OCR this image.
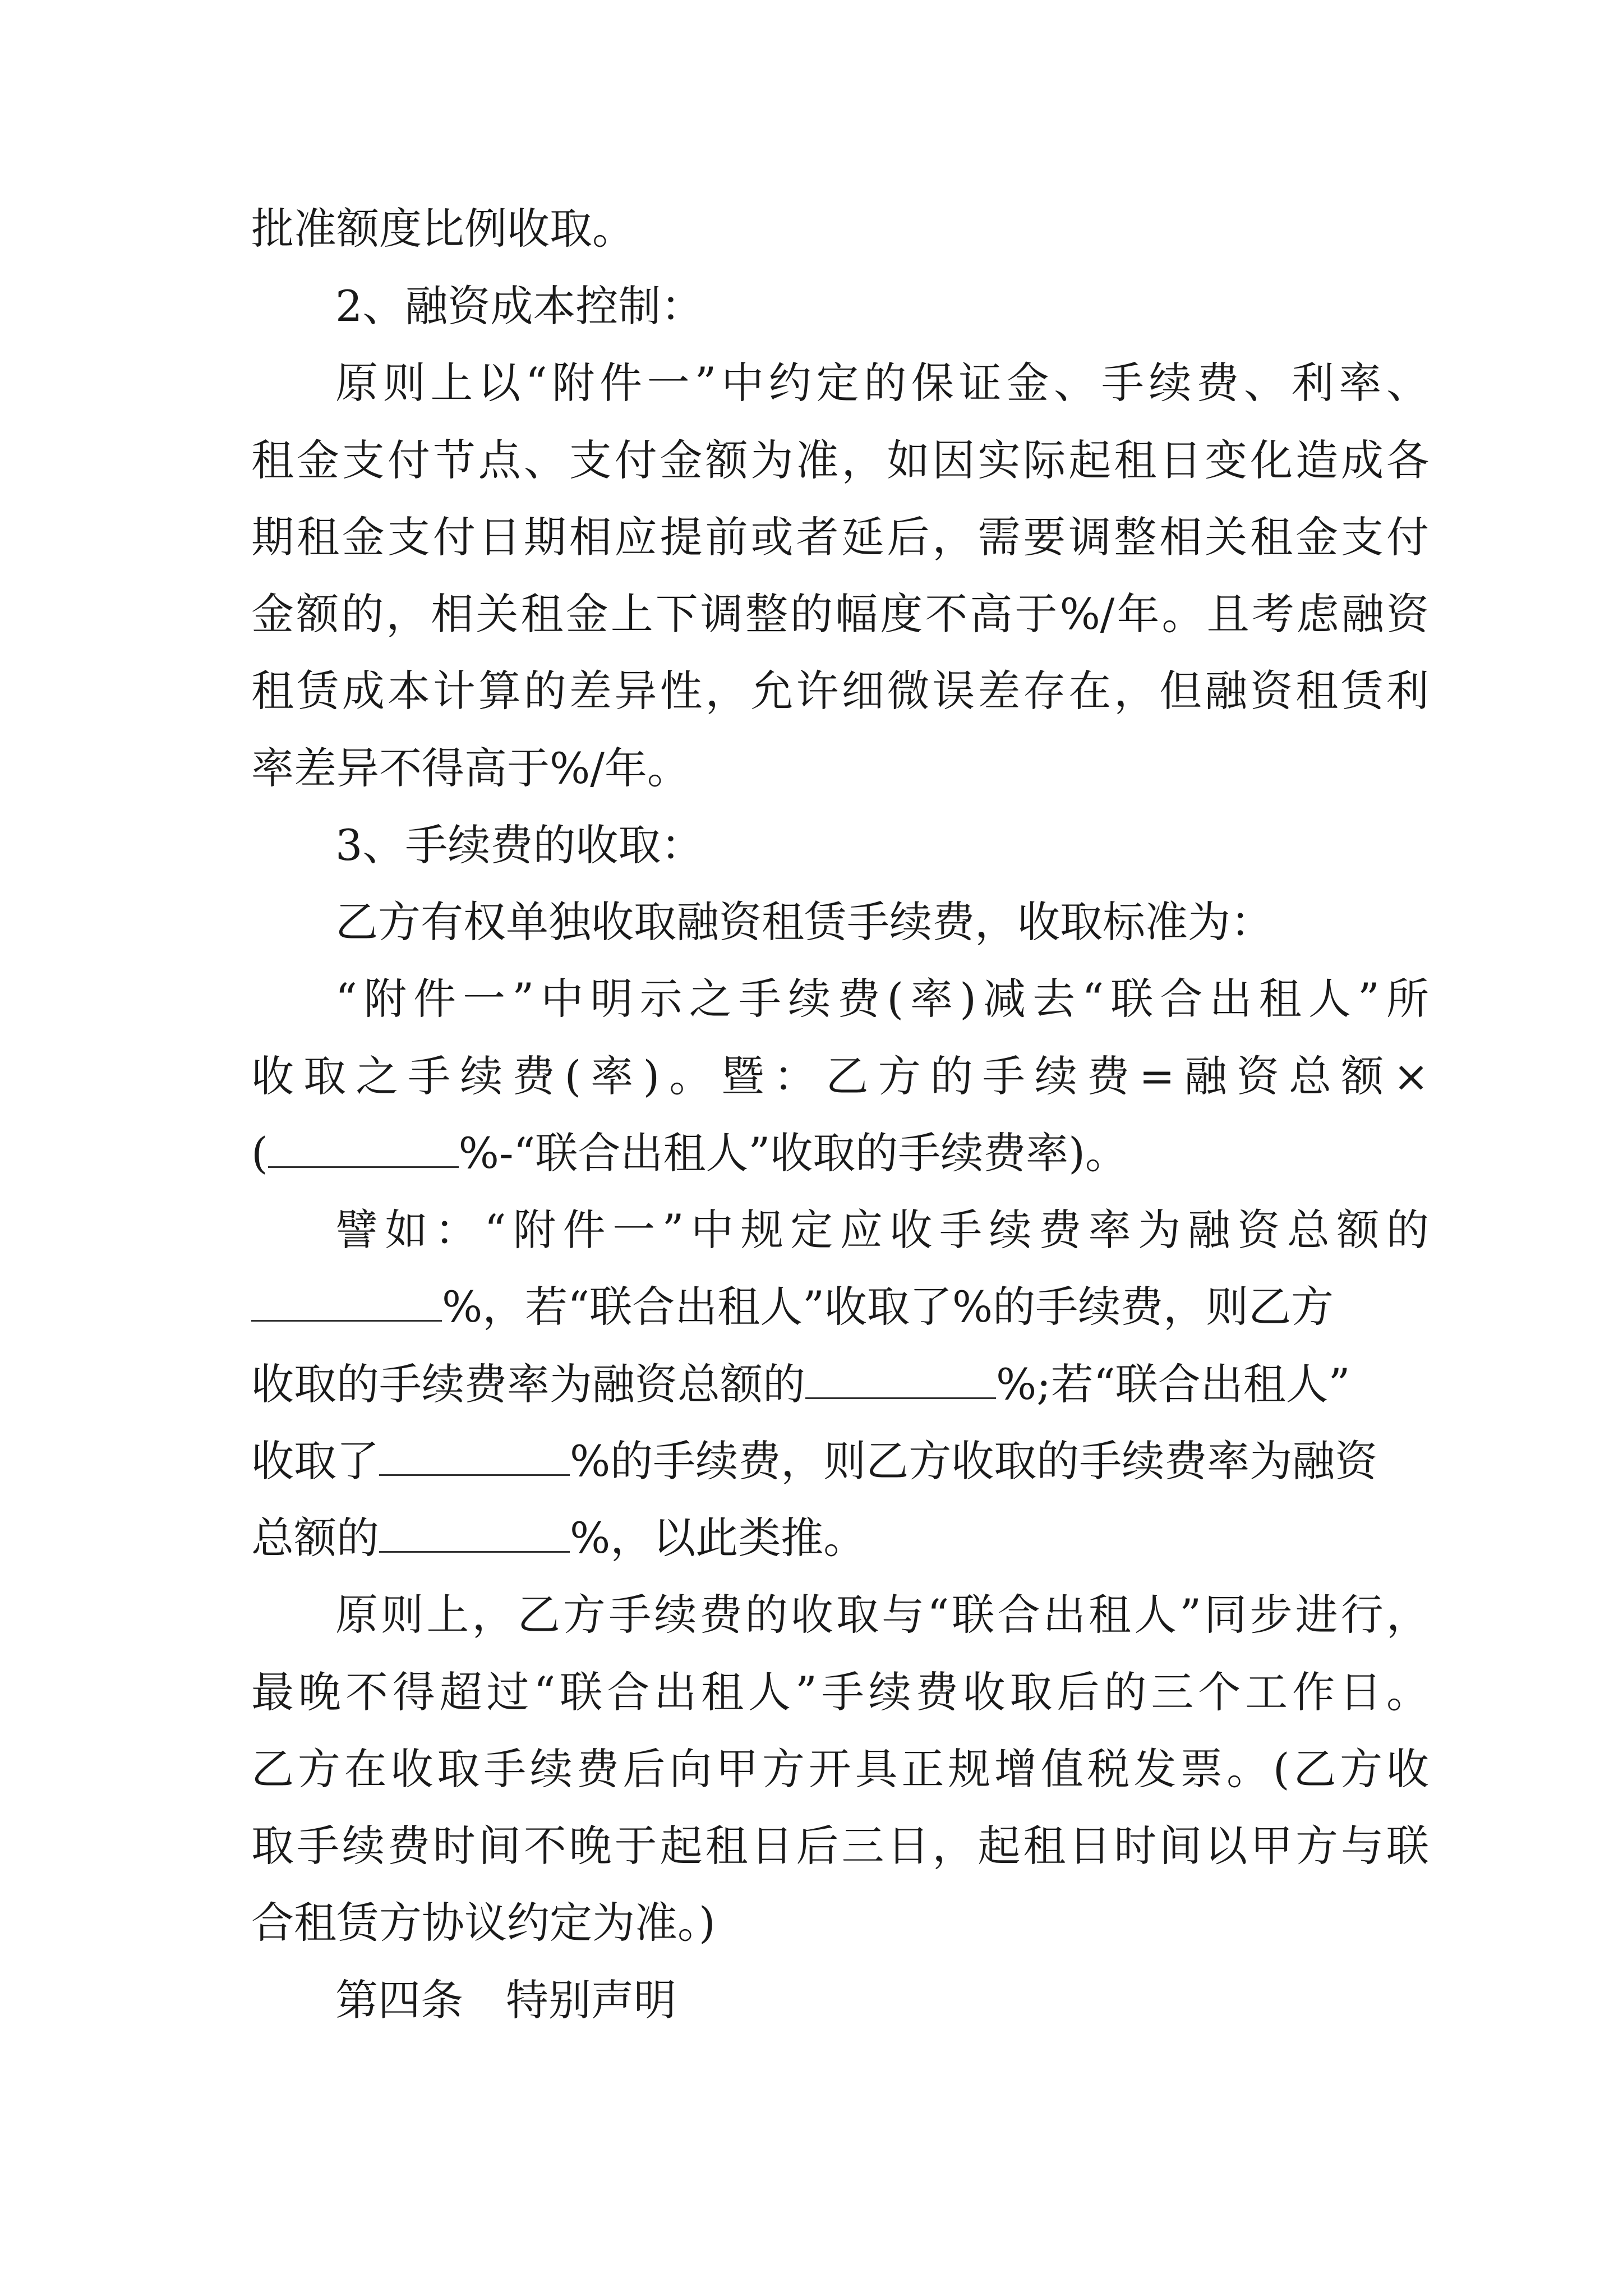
批准额度比例收取。
2、融资成本控制：
原则上以“附件一”中约定的保证金、手续费、利率、
租金支付节点、支付金额为准，如因实际起租日变化造成各
期租金支付日期相应提前或者延后，需要调整相关租金支付
金额的，相关租金上下调整的幅度不高于%/年。且考虑融资
租赁成本计算的差异性，允许细微误差存在，但融资租赁利
率差异不得高于%/年。
3、手续费的收取：
乙方有权单独收取融资租赁手续费，收取标准为：
“附件一”中明示之手续费(率)减去“联合出租人”所
收取之手续费(率)。暨：乙方的手续费=融资总额×
(	%-“联合出租人”收取的手续费率)。
譬如：“附件一”中规定应收手续费率为融资总额的
%，若“联合出租人”收取了%的手续费，则乙方
收取的手续费率为融资总额的	%;若“联合出租人”
收取了	%的手续费，则乙方收取的手续费率为融资
总额的	%，以此类推。
原则上，乙方手续费的收取与“联合出租人”同步进行，
最晚不得超过“联合出租人”手续费收取后的三个工作日。
乙方在收取手续费后向甲方开具正规增值税发票。(乙方收
取手续费时间不晚于起租日后三日，起租日时间以甲方与联
合租赁方协议约定为准。)
第四条　特别声明
